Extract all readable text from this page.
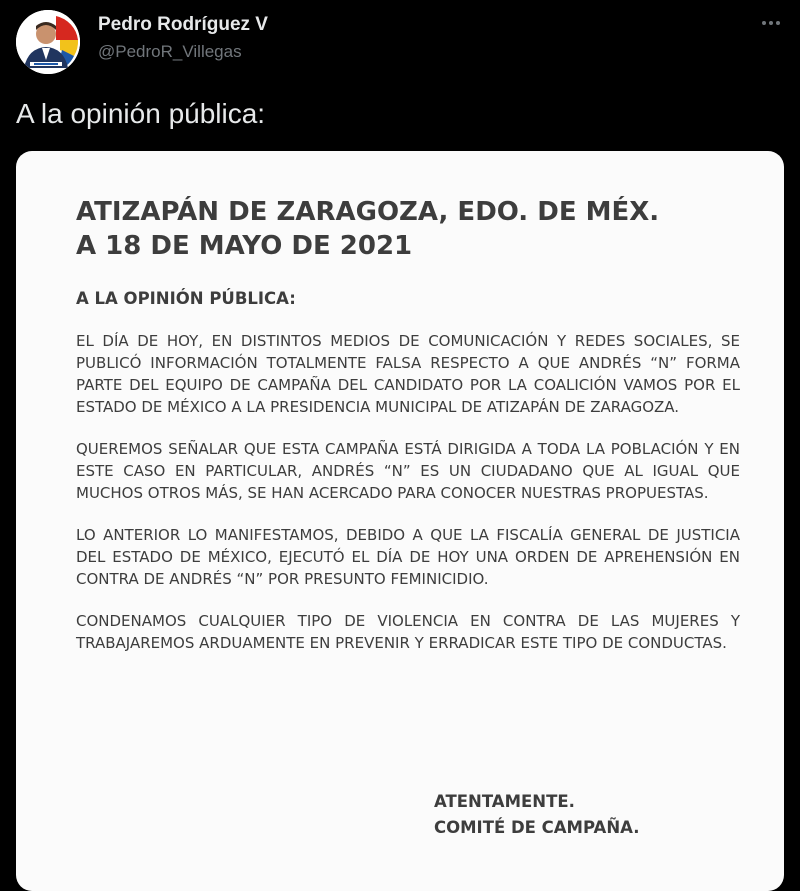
Pedro Rodríguez V
@PedroR_Villegas
A la opinión pública:

ATIZAPÁN DE ZARAGOZA, EDO. DE MÉX.

A 18 DE MAYO DE 2021

A LA OPINIÓN PÚBLICA:

EL DÍA DE HOY, EN DISTINTOS MEDIOS DE COMUNICACIÓN Y REDES SOCIALES, SE PUBLICÓ INFORMACIÓN TOTALMENTE FALSA RESPECTO A QUE ANDRÉS “N” FORMA PARTE DEL EQUIPO DE CAMPAÑA DEL CANDIDATO POR LA COALICIÓN VAMOS POR EL ESTADO DE MÉXICO A LA PRESIDENCIA MUNICIPAL DE ATIZAPÁN DE ZARAGOZA.

QUEREMOS SEÑALAR QUE ESTA CAMPAÑA ESTÁ DIRIGIDA A TODA LA POBLACIÓN Y EN ESTE CASO EN PARTICULAR, ANDRÉS “N” ES UN CIUDADANO QUE AL IGUAL QUE MUCHOS OTROS MÁS, SE HAN ACERCADO PARA CONOCER NUESTRAS PROPUESTAS.

LO ANTERIOR LO MANIFESTAMOS, DEBIDO A QUE LA FISCALÍA GENERAL DE JUSTICIA DEL ESTADO DE MÉXICO, EJECUTÓ EL DÍA DE HOY UNA ORDEN DE APREHENSIÓN EN CONTRA DE ANDRÉS “N” POR PRESUNTO FEMINICIDIO.

CONDENAMOS CUALQUIER TIPO DE VIOLENCIA EN CONTRA DE LAS MUJERES Y TRABAJAREMOS ARDUAMENTE EN PREVENIR Y ERRADICAR ESTE TIPO DE CONDUCTAS.

ATENTAMENTE.
COMITÉ DE CAMPAÑA.
